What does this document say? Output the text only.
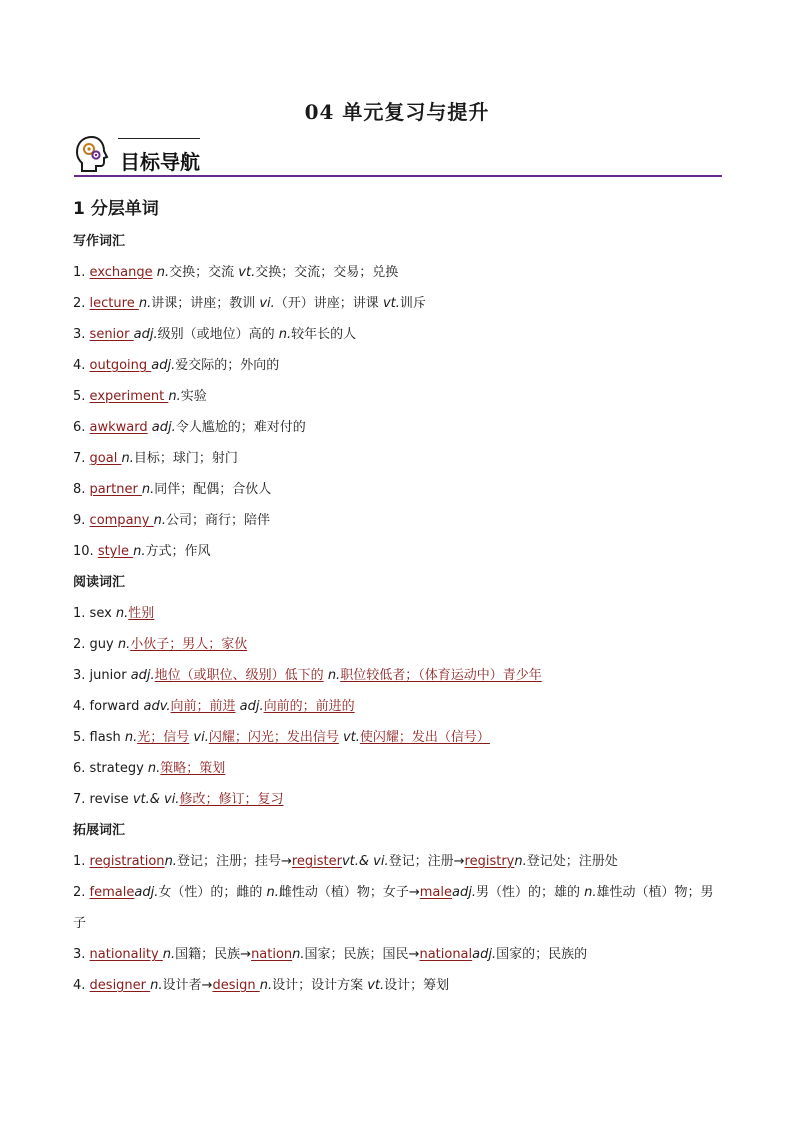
04 单元复习与提升
目标导航
1 分层单词
写作词汇
1. exchange n.交换；交流 vt.交换；交流；交易；兑换
2. lecture n.讲课；讲座；教训 vi.（开）讲座；讲课 vt.训斥
3. senior adj.级别（或地位）高的 n.较年长的人
4. outgoing adj.爱交际的；外向的
5. experiment n.实验
6. awkward adj.令人尴尬的；难对付的
7. goal n.目标；球门；射门
8. partner n.同伴；配偶；合伙人
9. company n.公司；商行；陪伴
10. style n.方式；作风
阅读词汇
1. sex n.性别
2. guy n.小伙子；男人；家伙
3. junior adj.地位（或职位、级别）低下的 n.职位较低者；（体育运动中）青少年
4. forward adv.向前；前进 adj.向前的；前进的
5. flash n.光；信号 vi.闪耀；闪光；发出信号 vt.使闪耀；发出（信号）
6. strategy n.策略；策划
7. revise vt.& vi.修改；修订；复习
拓展词汇
1. registrationn.登记；注册；挂号→registervt.& vi.登记；注册→registryn.登记处；注册处
2. femaleadj.女（性）的；雌的 n.雌性动（植）物；女子→maleadj.男（性）的；雄的 n.雄性动（植）物；男子
3. nationality n.国籍；民族→nationn.国家；民族；国民→nationaladj.国家的；民族的
4. designer n.设计者→design n.设计；设计方案 vt.设计；筹划
